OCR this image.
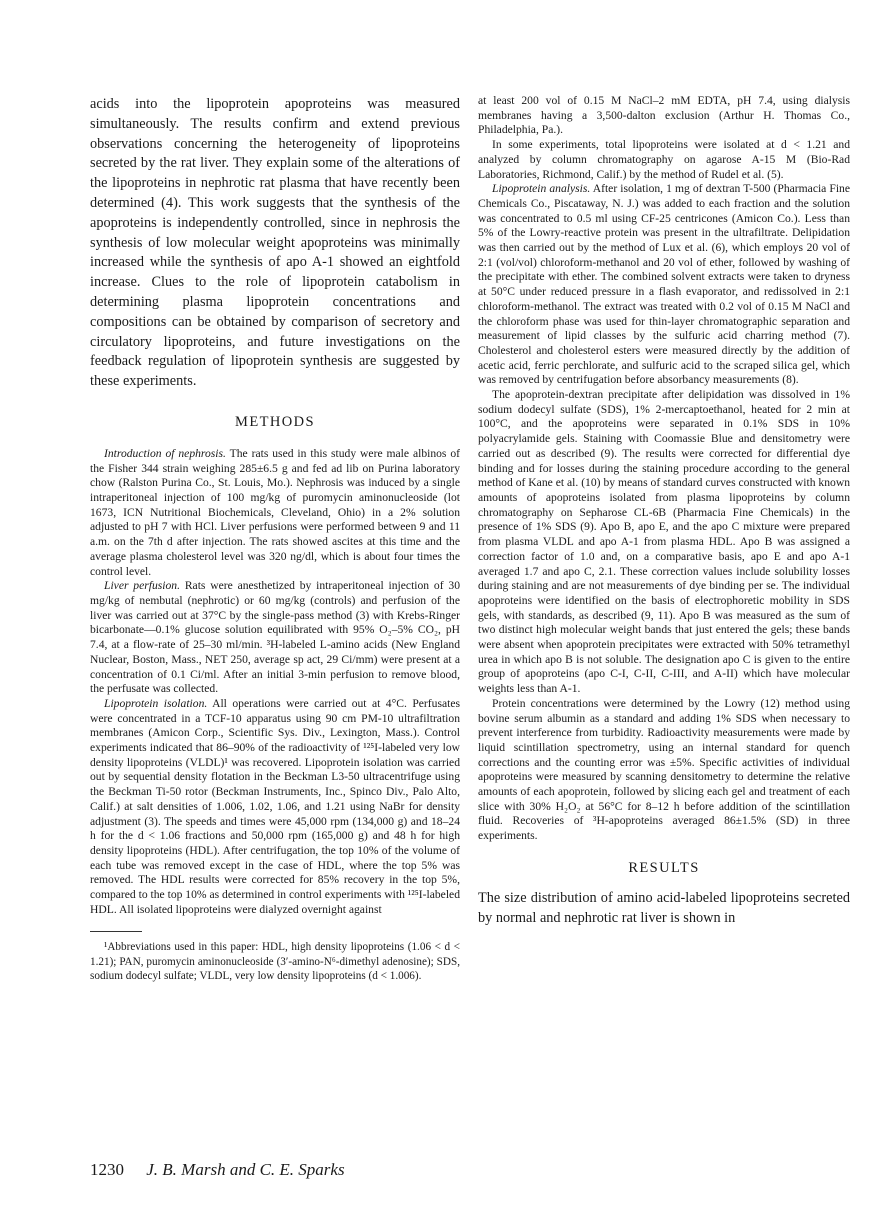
acids into the lipoprotein apoproteins was measured simultaneously. The results confirm and extend previous observations concerning the heterogeneity of lipoproteins secreted by the rat liver. They explain some of the alterations of the lipoproteins in nephrotic rat plasma that have recently been determined (4). This work suggests that the synthesis of the apoproteins is independently controlled, since in nephrosis the synthesis of low molecular weight apoproteins was minimally increased while the synthesis of apo A-1 showed an eightfold increase. Clues to the role of lipoprotein catabolism in determining plasma lipoprotein concentrations and compositions can be obtained by comparison of secretory and circulatory lipoproteins, and future investigations on the feedback regulation of lipoprotein synthesis are suggested by these experiments.

METHODS

Introduction of nephrosis. The rats used in this study were male albinos of the Fisher 344 strain weighing 285±6.5 g and fed ad lib on Purina laboratory chow (Ralston Purina Co., St. Louis, Mo.). Nephrosis was induced by a single intraperitoneal injection of 100 mg/kg of puromycin aminonucleoside (lot 1673, ICN Nutritional Biochemicals, Cleveland, Ohio) in a 2% solution adjusted to pH 7 with HCl. Liver perfusions were performed between 9 and 11 a.m. on the 7th d after injection. The rats showed ascites at this time and the average plasma cholesterol level was 320 ng/dl, which is about four times the control level.

Liver perfusion. Rats were anesthetized by intraperitoneal injection of 30 mg/kg of nembutal (nephrotic) or 60 mg/kg (controls) and perfusion of the liver was carried out at 37°C by the single-pass method (3) with Krebs-Ringer bicarbonate—0.1% glucose solution equilibrated with 95% O₂–5% CO₂, pH 7.4, at a flow-rate of 25–30 ml/min. ³H-labeled L-amino acids (New England Nuclear, Boston, Mass., NET 250, average sp act, 29 Ci/mm) were present at a concentration of 0.1 Ci/ml. After an initial 3-min perfusion to remove blood, the perfusate was collected.

Lipoprotein isolation. All operations were carried out at 4°C. Perfusates were concentrated in a TCF-10 apparatus using 90 cm PM-10 ultrafiltration membranes (Amicon Corp., Scientific Sys. Div., Lexington, Mass.). Control experiments indicated that 86–90% of the radioactivity of ¹²⁵I-labeled very low density lipoproteins (VLDL)¹ was recovered. Lipoprotein isolation was carried out by sequential density flotation in the Beckman L3-50 ultracentrifuge using the Beckman Ti-50 rotor (Beckman Instruments, Inc., Spinco Div., Palo Alto, Calif.) at salt densities of 1.006, 1.02, 1.06, and 1.21 using NaBr for density adjustment (3). The speeds and times were 45,000 rpm (134,000 g) and 18–24 h for the d < 1.06 fractions and 50,000 rpm (165,000 g) and 48 h for high density lipoproteins (HDL). After centrifugation, the top 10% of the volume of each tube was removed except in the case of HDL, where the top 5% was removed. The HDL results were corrected for 85% recovery in the top 5%, compared to the top 10% as determined in control experiments with ¹²⁵I-labeled HDL. All isolated lipoproteins were dialyzed overnight against

¹Abbreviations used in this paper: HDL, high density lipoproteins (1.06 < d < 1.21); PAN, puromycin aminonucleoside (3′-amino-N⁶-dimethyl adenosine); SDS, sodium dodecyl sulfate; VLDL, very low density lipoproteins (d < 1.006).

at least 200 vol of 0.15 M NaCl–2 mM EDTA, pH 7.4, using dialysis membranes having a 3,500-dalton exclusion (Arthur H. Thomas Co., Philadelphia, Pa.).

In some experiments, total lipoproteins were isolated at d < 1.21 and analyzed by column chromatography on agarose A-15 M (Bio-Rad Laboratories, Richmond, Calif.) by the method of Rudel et al. (5).

Lipoprotein analysis. After isolation, 1 mg of dextran T-500 (Pharmacia Fine Chemicals Co., Piscataway, N. J.) was added to each fraction and the solution was concentrated to 0.5 ml using CF-25 centricones (Amicon Co.). Less than 5% of the Lowry-reactive protein was present in the ultrafiltrate. Delipidation was then carried out by the method of Lux et al. (6), which employs 20 vol of 2:1 (vol/vol) chloroform-methanol and 20 vol of ether, followed by washing of the precipitate with ether. The combined solvent extracts were taken to dryness at 50°C under reduced pressure in a flash evaporator, and redissolved in 2:1 chloroform-methanol. The extract was treated with 0.2 vol of 0.15 M NaCl and the chloroform phase was used for thin-layer chromatographic separation and measurement of lipid classes by the sulfuric acid charring method (7). Cholesterol and cholesterol esters were measured directly by the addition of acetic acid, ferric perchlorate, and sulfuric acid to the scraped silica gel, which was removed by centrifugation before absorbancy measurements (8).

The apoprotein-dextran precipitate after delipidation was dissolved in 1% sodium dodecyl sulfate (SDS), 1% 2-mercaptoethanol, heated for 2 min at 100°C, and the apoproteins were separated in 0.1% SDS in 10% polyacrylamide gels. Staining with Coomassie Blue and densitometry were carried out as described (9). The results were corrected for differential dye binding and for losses during the staining procedure according to the general method of Kane et al. (10) by means of standard curves constructed with known amounts of apoproteins isolated from plasma lipoproteins by column chromatography on Sepharose CL-6B (Pharmacia Fine Chemicals) in the presence of 1% SDS (9). Apo B, apo E, and the apo C mixture were prepared from plasma VLDL and apo A-1 from plasma HDL. Apo B was assigned a correction factor of 1.0 and, on a comparative basis, apo E and apo A-1 averaged 1.7 and apo C, 2.1. These correction values include solubility losses during staining and are not measurements of dye binding per se. The individual apoproteins were identified on the basis of electrophoretic mobility in SDS gels, with standards, as described (9, 11). Apo B was measured as the sum of two distinct high molecular weight bands that just entered the gels; these bands were absent when apoprotein precipitates were extracted with 50% tetramethyl urea in which apo B is not soluble. The designation apo C is given to the entire group of apoproteins (apo C-I, C-II, C-III, and A-II) which have molecular weights less than A-1.

Protein concentrations were determined by the Lowry (12) method using bovine serum albumin as a standard and adding 1% SDS when necessary to prevent interference from turbidity. Radioactivity measurements were made by liquid scintillation spectrometry, using an internal standard for quench corrections and the counting error was ±5%. Specific activities of individual apoproteins were measured by scanning densitometry to determine the relative amounts of each apoprotein, followed by slicing each gel and treatment of each slice with 30% H₂O₂ at 56°C for 8–12 h before addition of the scintillation fluid. Recoveries of ³H-apoproteins averaged 86±1.5% (SD) in three experiments.

RESULTS

The size distribution of amino acid-labeled lipoproteins secreted by normal and nephrotic rat liver is shown in

1230 J. B. Marsh and C. E. Sparks
